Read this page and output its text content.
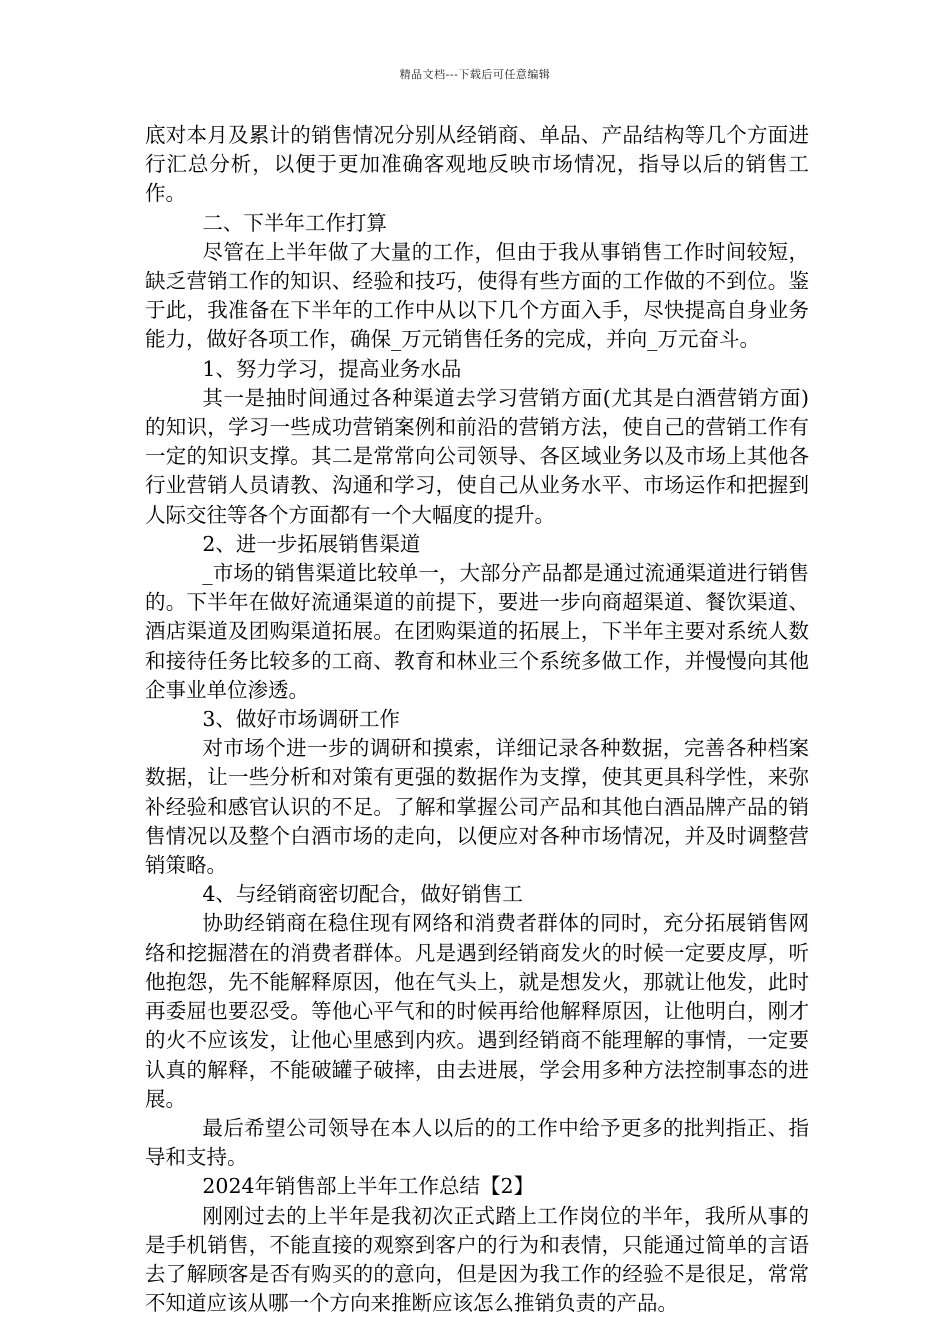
精品文档---下载后可任意编辑

底对本月及累计的销售情况分别从经销商、单品、产品结构等几个方面进行汇总分析，以便于更加准确客观地反映市场情况，指导以后的销售工作。

二、下半年工作打算

尽管在上半年做了大量的工作，但由于我从事销售工作时间较短，缺乏营销工作的知识、经验和技巧，使得有些方面的工作做的不到位。鉴于此，我准备在下半年的工作中从以下几个方面入手，尽快提高自身业务能力，做好各项工作，确保_万元销售任务的完成，并向_万元奋斗。

1、努力学习，提高业务水品

其一是抽时间通过各种渠道去学习营销方面(尤其是白酒营销方面)的知识，学习一些成功营销案例和前沿的营销方法，使自己的营销工作有一定的知识支撑。其二是常常向公司领导、各区域业务以及市场上其他各行业营销人员请教、沟通和学习，使自己从业务水平、市场运作和把握到人际交往等各个方面都有一个大幅度的提升。

2、进一步拓展销售渠道

_市场的销售渠道比较单一，大部分产品都是通过流通渠道进行销售的。下半年在做好流通渠道的前提下，要进一步向商超渠道、餐饮渠道、酒店渠道及团购渠道拓展。在团购渠道的拓展上，下半年主要对系统人数和接待任务比较多的工商、教育和林业三个系统多做工作，并慢慢向其他企事业单位渗透。

3、做好市场调研工作

对市场个进一步的调研和摸索，详细记录各种数据，完善各种档案数据，让一些分析和对策有更强的数据作为支撑，使其更具科学性，来弥补经验和感官认识的不足。了解和掌握公司产品和其他白酒品牌产品的销售情况以及整个白酒市场的走向，以便应对各种市场情况，并及时调整营销策略。

4、与经销商密切配合，做好销售工

协助经销商在稳住现有网络和消费者群体的同时，充分拓展销售网络和挖掘潜在的消费者群体。凡是遇到经销商发火的时候一定要皮厚，听他抱怨，先不能解释原因，他在气头上，就是想发火，那就让他发，此时再委屈也要忍受。等他心平气和的时候再给他解释原因，让他明白，刚才的火不应该发，让他心里感到内疚。遇到经销商不能理解的事情，一定要认真的解释，不能破罐子破摔，由去进展，学会用多种方法控制事态的进展。

最后希望公司领导在本人以后的的工作中给予更多的批判指正、指导和支持。

2024年销售部上半年工作总结【2】

刚刚过去的上半年是我初次正式踏上工作岗位的半年，我所从事的是手机销售，不能直接的观察到客户的行为和表情，只能通过简单的言语去了解顾客是否有购买的的意向，但是因为我工作的经验不是很足，常常不知道应该从哪一个方向来推断应该怎么推销负责的产品。
